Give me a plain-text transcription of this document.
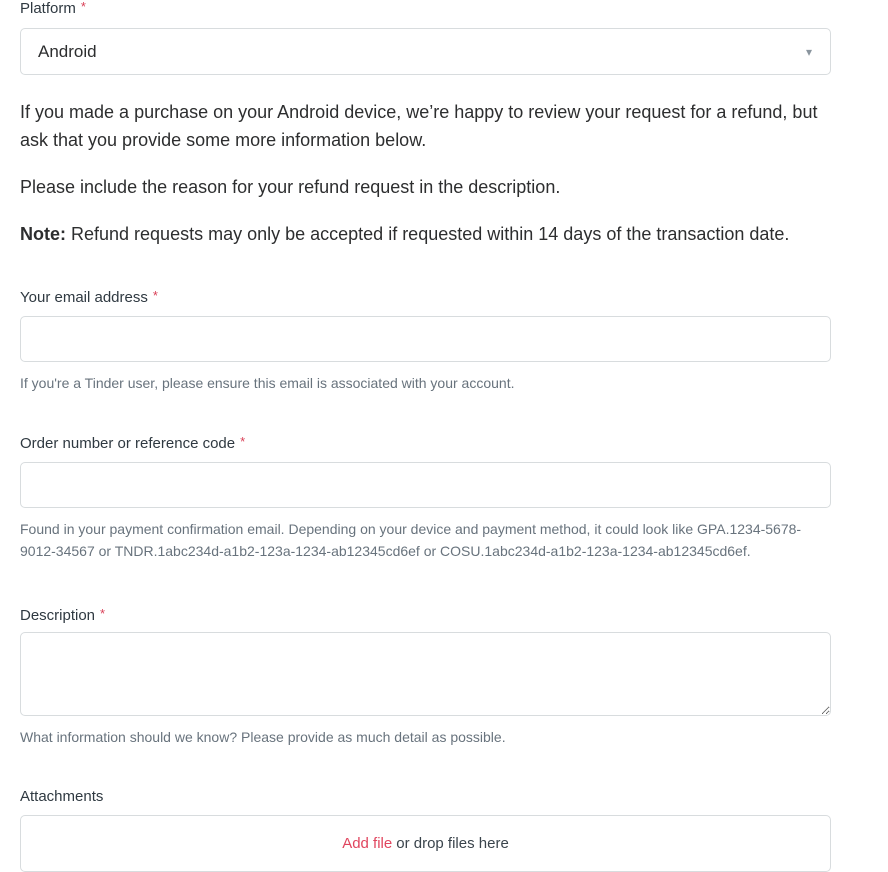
Platform *
Android	▾

If you made a purchase on your Android device, we’re happy to review your request for a refund, but ask that you provide some more information below.

Please include the reason for your refund request in the description.

Note: Refund requests may only be accepted if requested within 14 days of the transaction date.

Your email address *

If you're a Tinder user, please ensure this email is associated with your account.

Order number or reference code *

Found in your payment confirmation email. Depending on your device and payment method, it could look like GPA.1234-5678-9012-34567 or TNDR.1abc234d-a1b2-123a-1234-ab12345cd6ef or COSU.1abc234d-a1b2-123a-1234-ab12345cd6ef.

Description *

What information should we know? Please provide as much detail as possible.

Attachments
Add file or drop files here
